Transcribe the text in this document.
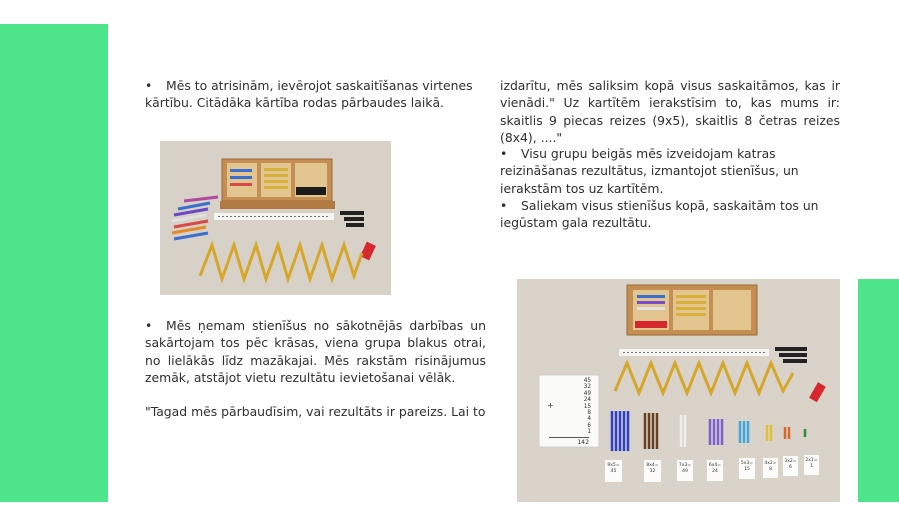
• Mēs to atrisinām, ievērojot saskaitīšanas virtenes kārtību. Citādāka kārtība rodas pārbaudes laikā.

• Mēs ņemam stienīšus no sākotnējās darbības un sakārtojam tos pēc krāsas, viena grupa blakus otrai, no lielākās līdz mazākajai. Mēs rakstām risinājumus zemāk, atstājot vietu rezultātu ievietošanai vēlāk.

"Tagad mēs pārbaudīsim, vai rezultāts ir pareizs. Lai to

izdarītu, mēs saliksim kopā visus saskaitāmos, kas ir vienādi." Uz kartītēm ierakstīsim to, kas mums ir: skaitlis 9 piecas reizes (9x5), skaitlis 8 četras reizes (8x4), ...."

• Visu grupu beigās mēs izveidojam katras reizināšanas rezultātus, izmantojot stienīšus, un ierakstām tos uz kartītēm.

• Saliekam visus stienīšus kopā, saskaitām tos un iegūstam gala rezultātu.

45
32
49
24
15
8
4
6
1
+
142
9x5=
45
8x4=
32
7x3=
49
6x4=
24
5x3=
15
4x2=
8
3x2=
6
2x1=
1
